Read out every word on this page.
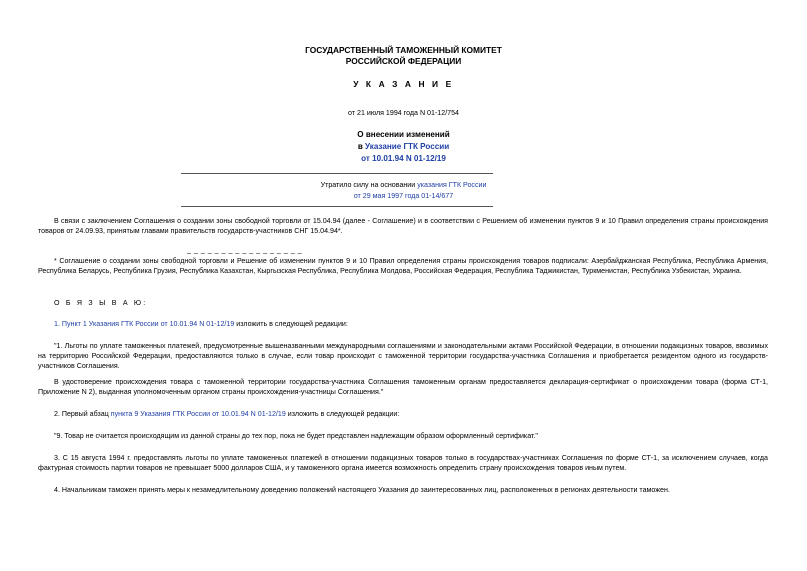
ГОСУДАРСТВЕННЫЙ ТАМОЖЕННЫЙ КОМИТЕТ
РОССИЙСКОЙ ФЕДЕРАЦИИ
У К А З А Н И Е
от 21 июля 1994 года N 01-12/754
О внесении изменений
в Указание ГТК России
от 10.01.94 N 01-12/19
Утратило силу на основании указания ГТК России
от 29 мая 1997 года 01-14/677
В связи с заключением Соглашения о создании зоны свободной торговли от 15.04.94 (далее - Соглашение) и в соответствии с Решением об изменении пунктов 9 и 10 Правил определения страны происхождения товаров от 24.09.93, принятым главами правительств государств-участников СНГ 15.04.94*.
_ _ _ _ _ _ _ _ _ _ _ _ _ _ _ _ _
* Соглашение о создании зоны свободной торговли и Решение об изменении пунктов 9 и 10 Правил определения страны происхождения товаров подписали: Азербайджанская Республика, Республика Армения, Республика Беларусь, Республика Грузия, Республика Казахстан, Кыргызская Республика, Республика Молдова, Российская Федерация, Республика Таджикистан, Туркменистан, Республика Узбекистан, Украина.
О Б Я З Ы В А Ю:
1. Пункт 1 Указания ГТК России от 10.01.94 N 01-12/19 изложить в следующей редакции:
"1. Льготы по уплате таможенных платежей, предусмотренные вышеназванными международными соглашениями и законодательными актами Российской Федерации, в отношении подакцизных товаров, ввозимых на территорию Российской Федерации, предоставляются только в случае, если товар происходит с таможенной территории государства-участника Соглашения и приобретается резидентом одного из государств-участников Соглашения.
В удостоверение происхождения товара с таможенной территории государства-участника Соглашения таможенным органам предоставляется декларация-сертификат о происхождении товара (форма СТ-1, Приложение N 2), выданная уполномоченным органом страны происхождения-участницы Соглашения."
2. Первый абзац пункта 9 Указания ГТК России от 10.01.94 N 01-12/19 изложить в следующей редакции:
"9. Товар не считается происходящим из данной страны до тех пор, пока не будет представлен надлежащим образом оформленный сертификат."
3. С 15 августа 1994 г. предоставлять льготы по уплате таможенных платежей в отношении подакцизных товаров только в государствах-участниках Соглашения по форме СТ-1, за исключением случаев, когда фактурная стоимость партии товаров не превышает 5000 долларов США, и у таможенного органа имеется возможность определить страну происхождения товаров иным путем.
4. Начальникам таможен принять меры к незамедлительному доведению положений настоящего Указания до заинтересованных лиц, расположенных в регионах деятельности таможен.
